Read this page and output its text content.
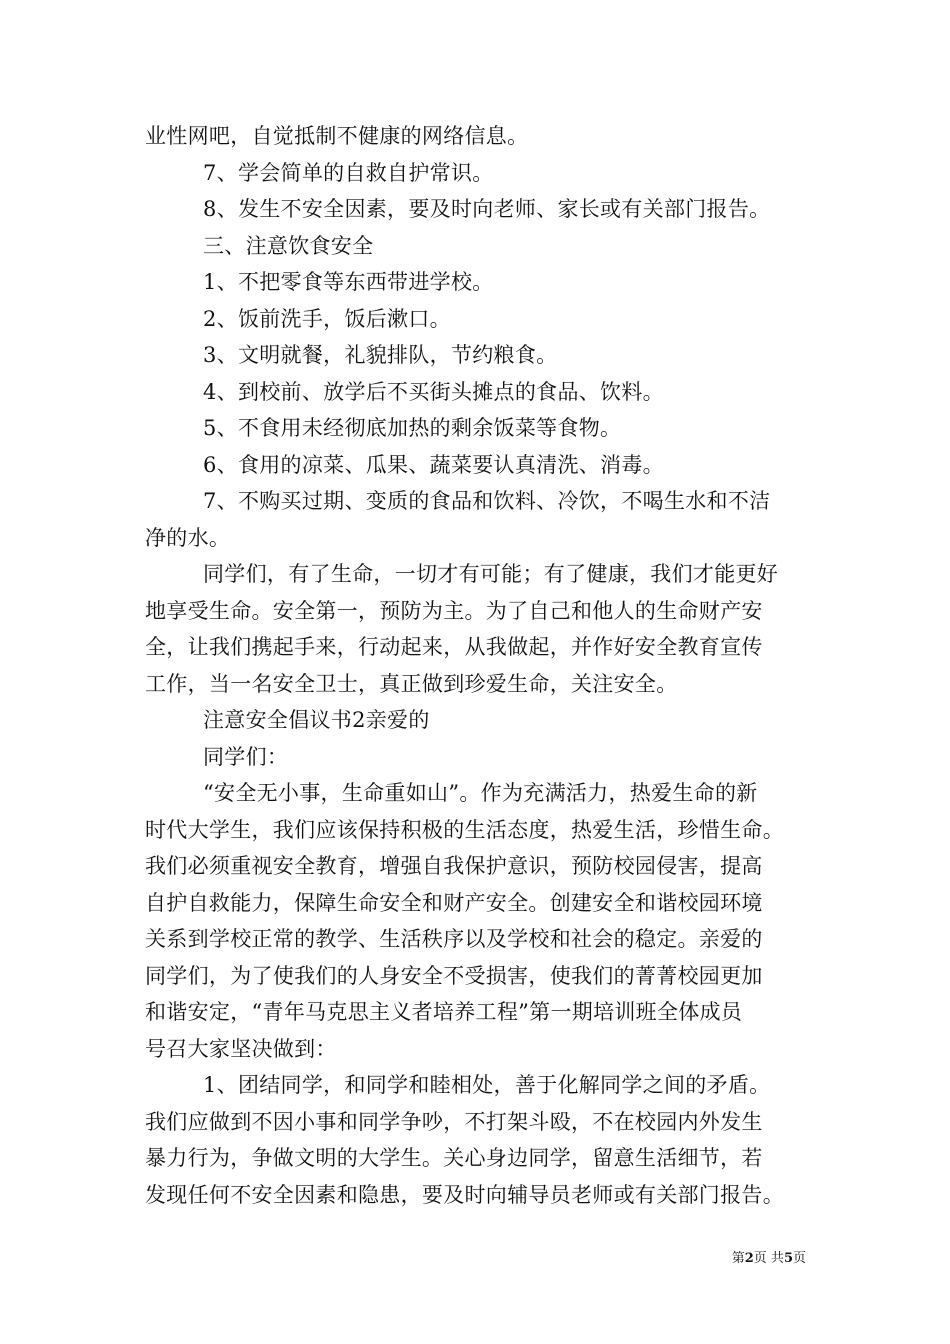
业性网吧，自觉抵制不健康的网络信息。
7、学会简单的自救自护常识。
8、发生不安全因素，要及时向老师、家长或有关部门报告。
三、注意饮食安全
1、不把零食等东西带进学校。
2、饭前洗手，饭后漱口。
3、文明就餐，礼貌排队，节约粮食。
4、到校前、放学后不买街头摊点的食品、饮料。
5、不食用未经彻底加热的剩余饭菜等食物。
6、食用的凉菜、瓜果、蔬菜要认真清洗、消毒。
7、不购买过期、变质的食品和饮料、冷饮，不喝生水和不洁
净的水。
同学们，有了生命，一切才有可能；有了健康，我们才能更好
地享受生命。安全第一，预防为主。为了自己和他人的生命财产安
全，让我们携起手来，行动起来，从我做起，并作好安全教育宣传
工作，当一名安全卫士，真正做到珍爱生命，关注安全。
注意安全倡议书2亲爱的
同学们：
“安全无小事，生命重如山”。作为充满活力，热爱生命的新
时代大学生，我们应该保持积极的生活态度，热爱生活，珍惜生命。
我们必须重视安全教育，增强自我保护意识，预防校园侵害，提高
自护自救能力，保障生命安全和财产安全。创建安全和谐校园环境
关系到学校正常的教学、生活秩序以及学校和社会的稳定。亲爱的
同学们，为了使我们的人身安全不受损害，使我们的菁菁校园更加
和谐安定，“青年马克思主义者培养工程”第一期培训班全体成员
号召大家坚决做到：
1、团结同学，和同学和睦相处，善于化解同学之间的矛盾。
我们应做到不因小事和同学争吵，不打架斗殴，不在校园内外发生
暴力行为，争做文明的大学生。关心身边同学，留意生活细节，若
发现任何不安全因素和隐患，要及时向辅导员老师或有关部门报告。
第2页 共5页
